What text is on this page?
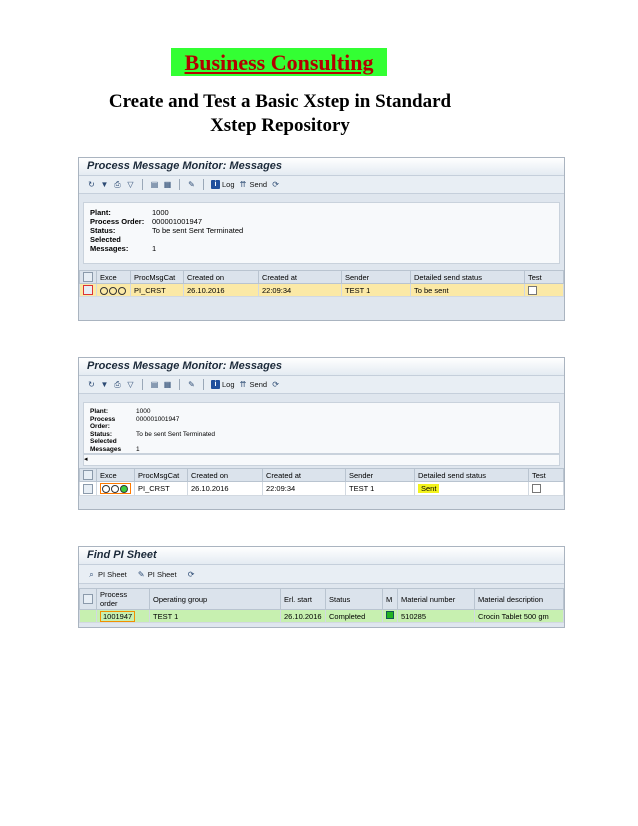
Business Consulting
Create and Test a Basic Xstep in Standard
Xstep Repository
Process Message Monitor: Messages
↻ ▼ ⎙ ▽ ▤ ▦ ✎	i Log ⇈ Send ⟳
Plant:	1000
Process Order:	000001001947
Status:	To be sent Sent Terminated
Selected
Messages:	1
	Exce	ProcMsgCat	Created on	Created at	Sender	Detailed send status	Test
		PI_CRST	26.10.2016	22:09:34	TEST 1	To be sent	
Process Message Monitor: Messages
↻ ▼ ⎙ ▽ ▤ ▦ ✎	i Log ⇈ Send ⟳
Plant:	1000
Process Order:
000001001947
Status:	To be sent Sent Terminated
Selected
Messages	1
◂
	Exce	ProcMsgCat	Created on	Created at	Sender	Detailed send status	Test
		PI_CRST	26.10.2016	22:09:34	TEST 1	Sent	
Find PI Sheet
⌕ PI Sheet ✎ PI Sheet ⟳
	Process order	Operating group	Erl. start	Status	M	Material number	Material description
	1001947	TEST 1	26.10.2016	Completed		510285	Crocin Tablet 500 gm
